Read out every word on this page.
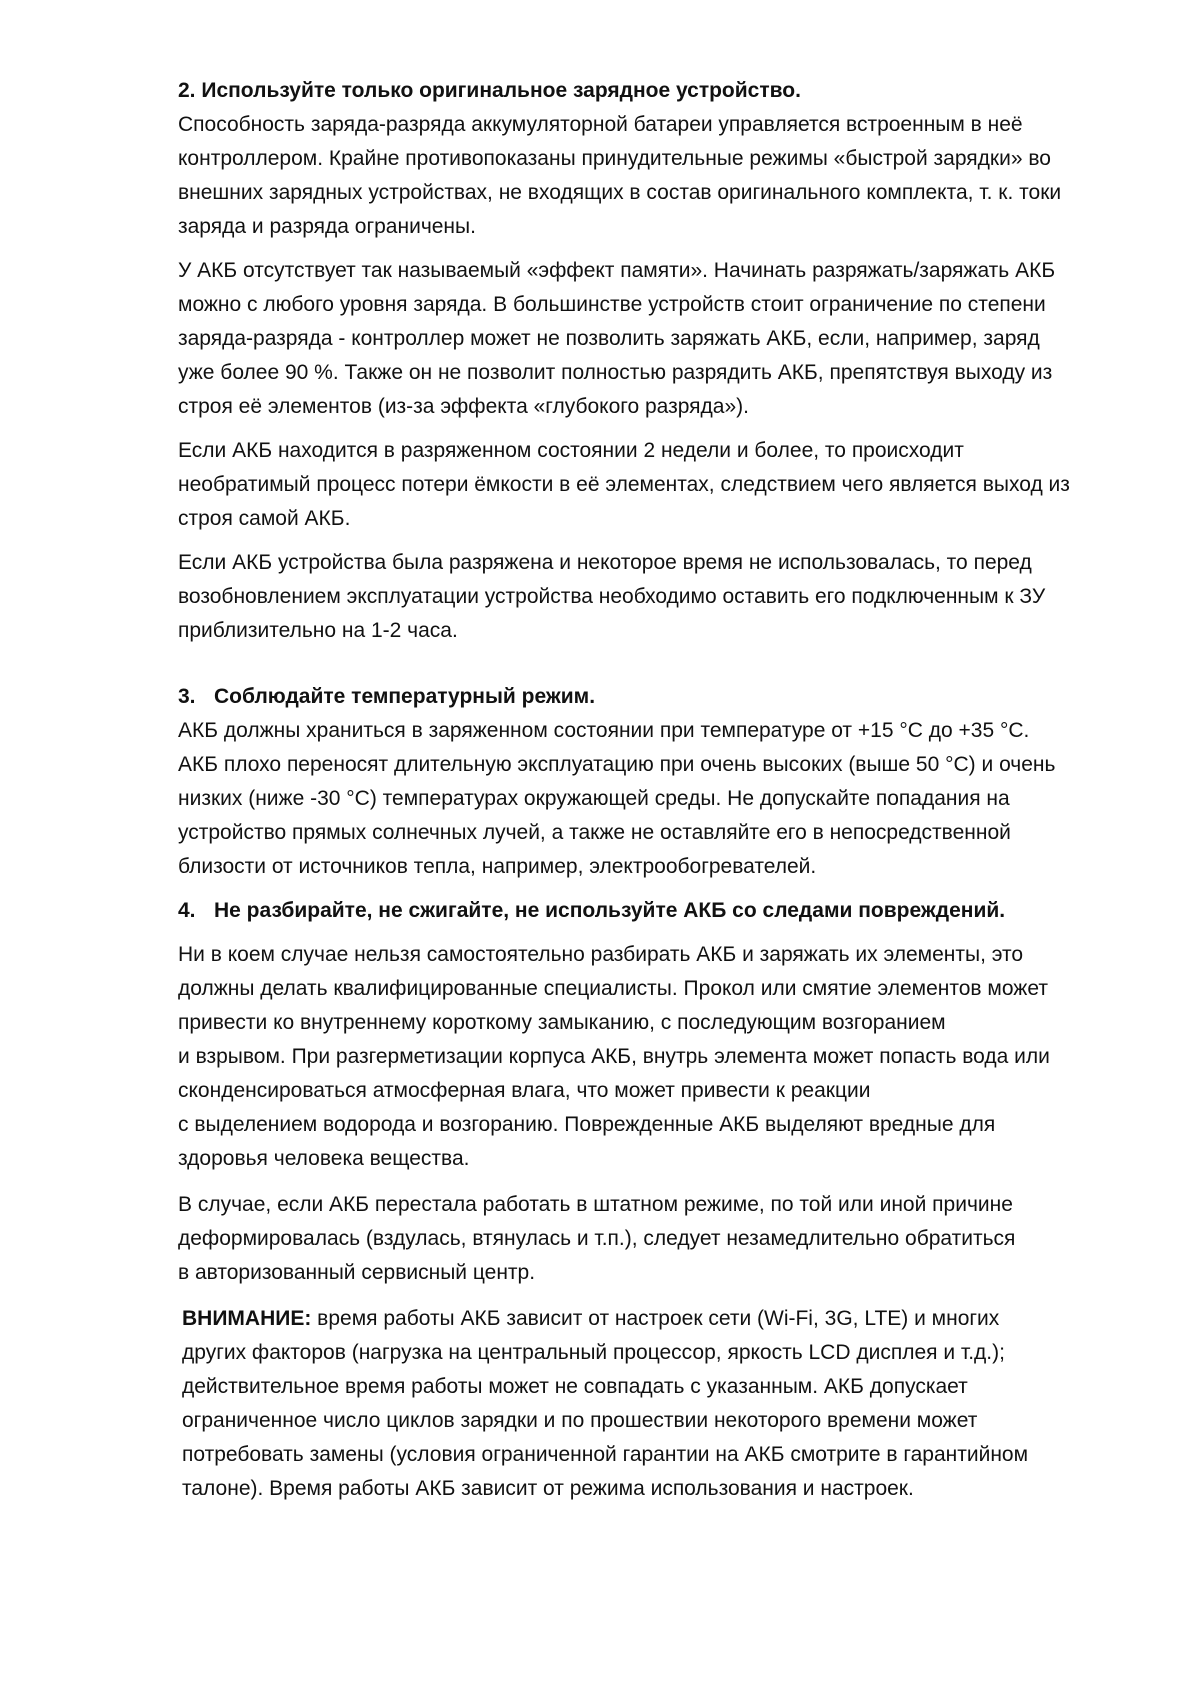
2. Используйте только оригинальное зарядное устройство.

Способность заряда-разряда аккумуляторной батареи управляется встроенным в неё
контроллером. Крайне противопоказаны принудительные режимы «быстрой зарядки» во
внешних зарядных устройствах, не входящих в состав оригинального комплекта, т. к. токи
заряда и разряда ограничены.
У АКБ отсутствует так называемый «эффект памяти». Начинать разряжать/заряжать АКБ
можно с любого уровня заряда. В большинстве устройств стоит ограничение по степени
заряда-разряда - контроллер может не позволить заряжать АКБ, если, например, заряд
уже более 90 %. Также он не позволит полностью разрядить АКБ, препятствуя выходу из
строя её элементов (из-за эффекта «глубокого разряда»).
Если АКБ находится в разряженном состоянии 2 недели и более, то происходит
необратимый процесс потери ёмкости в её элементах, следствием чего является выход из
строя самой АКБ.
Если АКБ устройства была разряжена и некоторое время не использовалась, то перед
возобновлением эксплуатации устройства необходимо оставить его подключенным к ЗУ
приблизительно на 1-2 часа.

3. Соблюдайте температурный режим.

АКБ должны храниться в заряженном состоянии при температуре от +15 °С до +35 °С.
АКБ плохо переносят длительную эксплуатацию при очень высоких (выше 50 °С) и очень
низких (ниже -30 °С) температурах окружающей среды. Не допускайте попадания на
устройство прямых солнечных лучей, а также не оставляйте его в непосредственной
близости от источников тепла, например, электрообогревателей.

4. Не разбирайте, не сжигайте, не используйте АКБ со следами повреждений.

Ни в коем случае нельзя самостоятельно разбирать АКБ и заряжать их элементы, это
должны делать квалифицированные специалисты. Прокол или смятие элементов может
привести ко внутреннему короткому замыканию, с последующим возгоранием
и взрывом. При разгерметизации корпуса АКБ, внутрь элемента может попасть вода или
сконденсироваться атмосферная влага, что может привести к реакции
с выделением водорода и возгоранию. Поврежденные АКБ выделяют вредные для
здоровья человека вещества.
В случае, если АКБ перестала работать в штатном режиме, по той или иной причине
деформировалась (вздулась, втянулась и т.п.), следует незамедлительно обратиться
в авторизованный сервисный центр.
ВНИМАНИЕ: время работы АКБ зависит от настроек сети (Wi-Fi, 3G, LTE) и многих
других факторов (нагрузка на центральный процессор, яркость LCD дисплея и т.д.);
действительное время работы может не совпадать с указанным. АКБ допускает
ограниченное число циклов зарядки и по прошествии некоторого времени может
потребовать замены (условия ограниченной гарантии на АКБ смотрите в гарантийном
талоне). Время работы АКБ зависит от режима использования и настроек.
